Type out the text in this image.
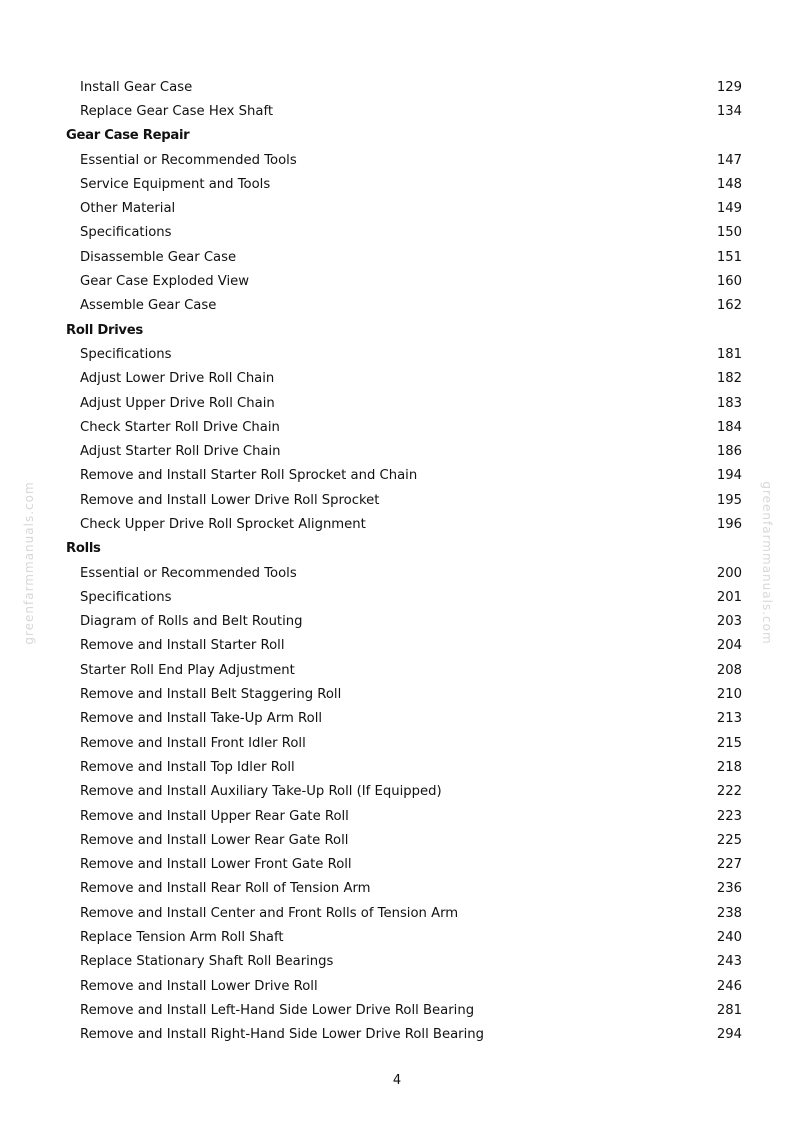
Install Gear Case	129
Replace Gear Case Hex Shaft	134
Gear Case Repair
Essential or Recommended Tools	147
Service Equipment and Tools	148
Other Material	149
Specifications	150
Disassemble Gear Case	151
Gear Case Exploded View	160
Assemble Gear Case	162
Roll Drives
Specifications	181
Adjust Lower Drive Roll Chain	182
Adjust Upper Drive Roll Chain	183
Check Starter Roll Drive Chain	184
Adjust Starter Roll Drive Chain	186
Remove and Install Starter Roll Sprocket and Chain	194
Remove and Install Lower Drive Roll Sprocket	195
Check Upper Drive Roll Sprocket Alignment	196
Rolls
Essential or Recommended Tools	200
Specifications	201
Diagram of Rolls and Belt Routing	203
Remove and Install Starter Roll	204
Starter Roll End Play Adjustment	208
Remove and Install Belt Staggering Roll	210
Remove and Install Take-Up Arm Roll	213
Remove and Install Front Idler Roll	215
Remove and Install Top Idler Roll	218
Remove and Install Auxiliary Take-Up Roll (If Equipped)	222
Remove and Install Upper Rear Gate Roll	223
Remove and Install Lower Rear Gate Roll	225
Remove and Install Lower Front Gate Roll	227
Remove and Install Rear Roll of Tension Arm	236
Remove and Install Center and Front Rolls of Tension Arm	238
Replace Tension Arm Roll Shaft	240
Replace Stationary Shaft Roll Bearings	243
Remove and Install Lower Drive Roll	246
Remove and Install Left-Hand Side Lower Drive Roll Bearing	281
Remove and Install Right-Hand Side Lower Drive Roll Bearing	294
greenfarmmanuals.com	greenfarmmanuals.com
4
